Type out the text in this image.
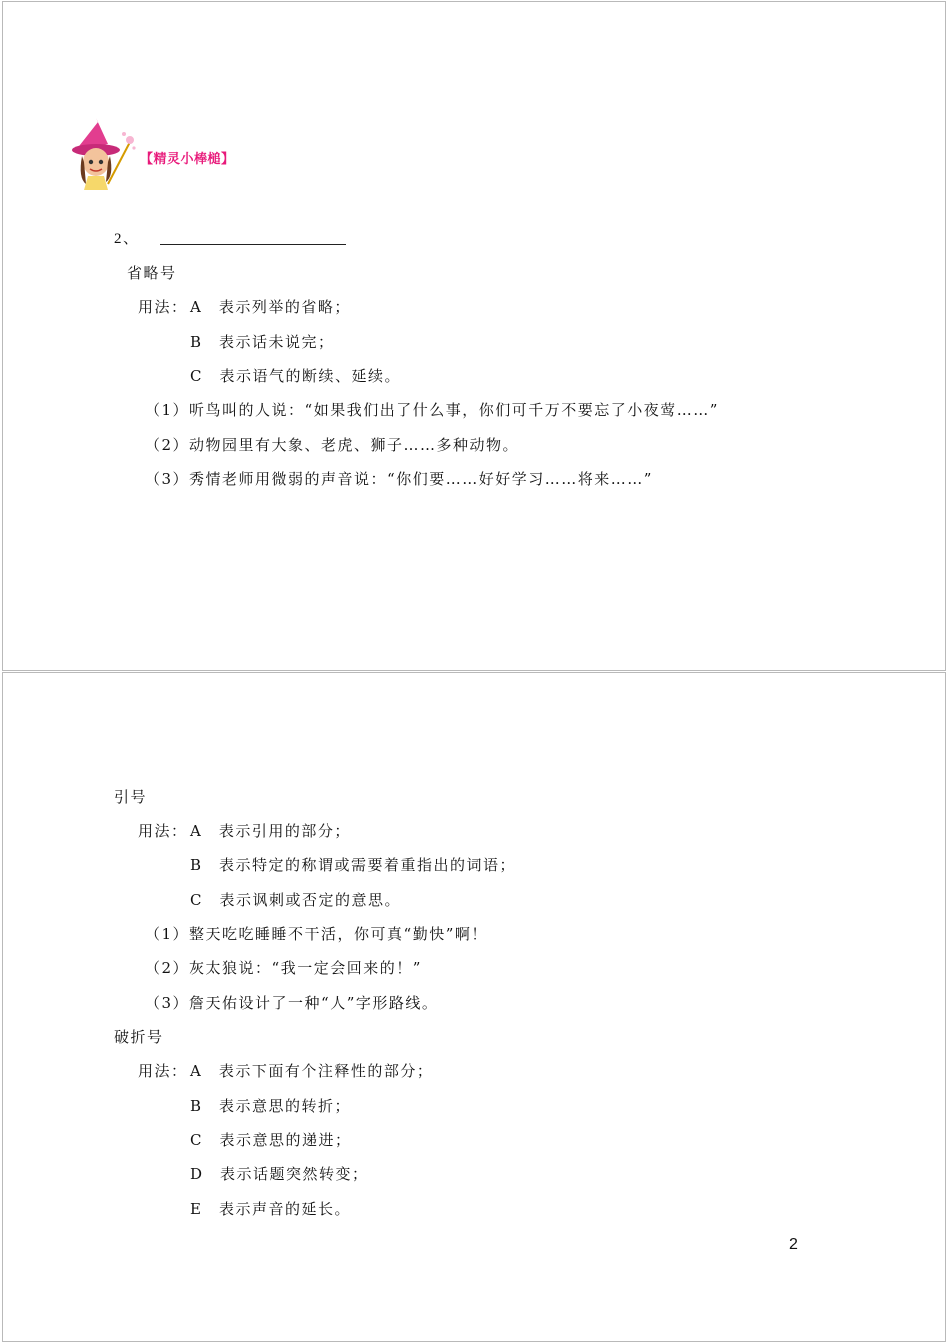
【精灵小棒槌】
2、
省略号
用法： A　表示列举的省略；
B　表示话未说完；
C　表示语气的断续、延续。
（1）听鸟叫的人说：“如果我们出了什么事，你们可千万不要忘了小夜莺……”
（2）动物园里有大象、老虎、狮子……多种动物。
（3）秀情老师用微弱的声音说：“你们要……好好学习……将来……”
引号
用法： A　表示引用的部分；
B　表示特定的称谓或需要着重指出的词语；
C　表示讽刺或否定的意思。
（1）整天吃吃睡睡不干活，你可真“勤快”啊！
（2）灰太狼说：“我一定会回来的！”
（3）詹天佑设计了一种“人”字形路线。
破折号
用法： A　表示下面有个注释性的部分；
B　表示意思的转折；
C　表示意思的递进；
D　表示话题突然转变；
E　表示声音的延长。
2
